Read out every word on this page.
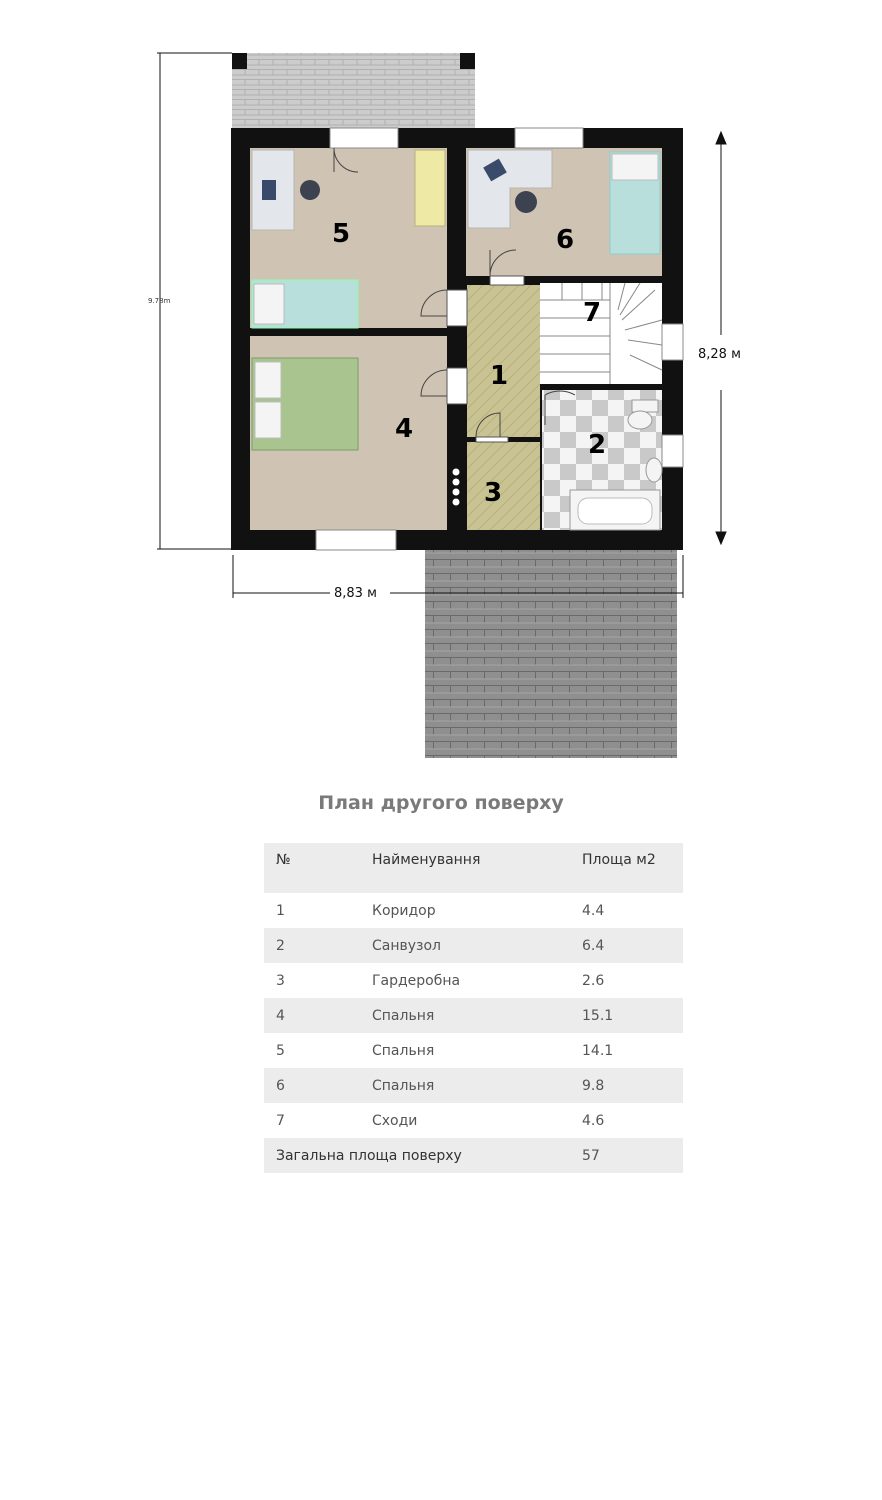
5	6
7
1
4
2
3
8,83 м
8,28 м
9.78m
План другого поверху
№	Найменування	Площа м2
1	Коридор	4.4
2	Санвузол	6.4
3	Гардеробна	2.6
4	Спальня	15.1
5	Спальня	14.1
6	Спальня	9.8
7	Сходи	4.6
Загальна площа поверху		57
